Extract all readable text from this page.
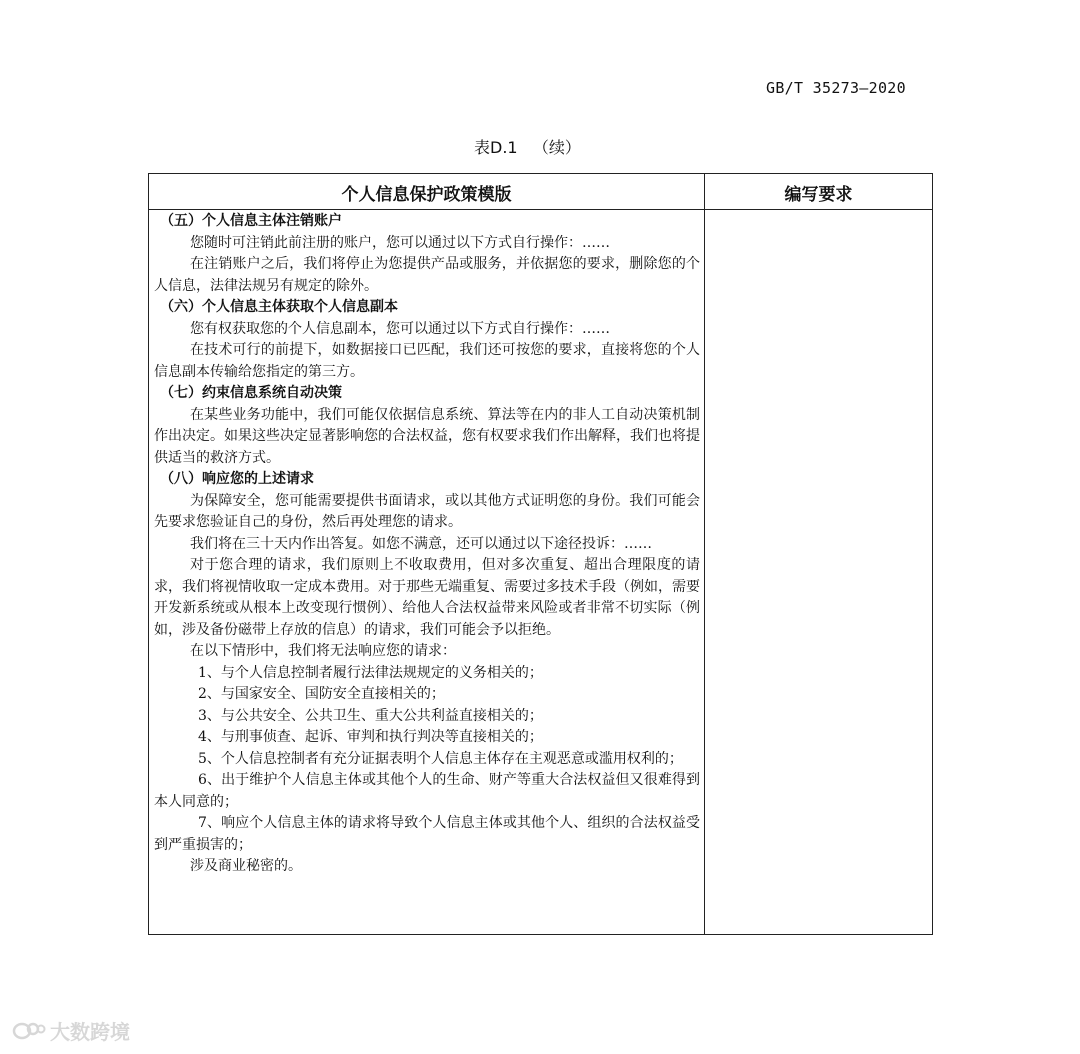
GB/T 35273—2020
表D.1   （续）
个人信息保护政策模版	编写要求

（五）个人信息主体注销账户

您随时可注销此前注册的账户，您可以通过以下方式自行操作：……

在注销账户之后，我们将停止为您提供产品或服务，并依据您的要求，删除您的个人信息，法律法规另有规定的除外。

（六）个人信息主体获取个人信息副本

您有权获取您的个人信息副本，您可以通过以下方式自行操作：……

在技术可行的前提下，如数据接口已匹配，我们还可按您的要求，直接将您的个人信息副本传输给您指定的第三方。

（七）约束信息系统自动决策

在某些业务功能中，我们可能仅依据信息系统、算法等在内的非人工自动决策机制作出决定。如果这些决定显著影响您的合法权益，您有权要求我们作出解释，我们也将提供适当的救济方式。

（八）响应您的上述请求

为保障安全，您可能需要提供书面请求，或以其他方式证明您的身份。我们可能会先要求您验证自己的身份，然后再处理您的请求。

我们将在三十天内作出答复。如您不满意，还可以通过以下途径投诉：……

对于您合理的请求，我们原则上不收取费用，但对多次重复、超出合理限度的请求，我们将视情收取一定成本费用。对于那些无端重复、需要过多技术手段（例如，需要开发新系统或从根本上改变现行惯例）、给他人合法权益带来风险或者非常不切实际（例如，涉及备份磁带上存放的信息）的请求，我们可能会予以拒绝。

在以下情形中，我们将无法响应您的请求：

1、与个人信息控制者履行法律法规规定的义务相关的；

2、与国家安全、国防安全直接相关的；

3、与公共安全、公共卫生、重大公共利益直接相关的；

4、与刑事侦查、起诉、审判和执行判决等直接相关的；

5、个人信息控制者有充分证据表明个人信息主体存在主观恶意或滥用权利的；

6、出于维护个人信息主体或其他个人的生命、财产等重大合法权益但又很难得到本人同意的；

7、响应个人信息主体的请求将导致个人信息主体或其他个人、组织的合法权益受到严重损害的；

涉及商业秘密的。

大数跨境
